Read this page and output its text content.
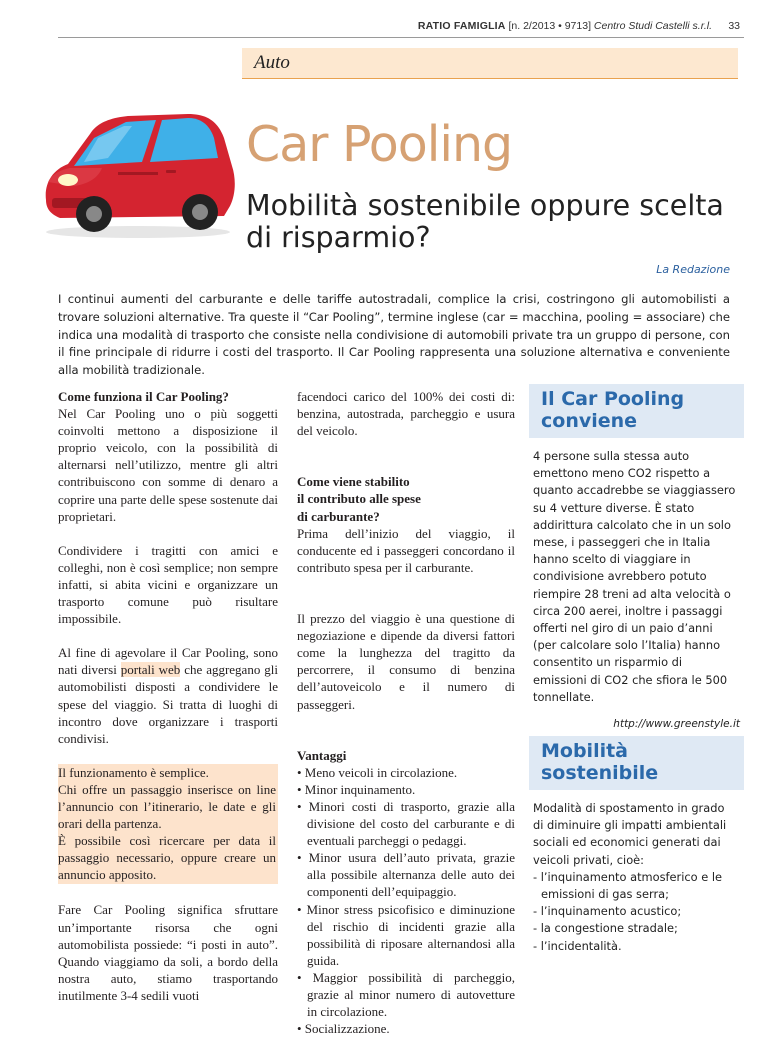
RATIO FAMIGLIA [n. 2/2013 • 9713] Centro Studi Castelli s.r.l. 33
Auto
Car Pooling
Mobilità sostenibile oppure scelta di risparmio?
La Redazione
I continui aumenti del carburante e delle tariffe autostradali, complice la crisi, costringono gli automobilisti a trovare soluzioni alternative. Tra queste il “Car Pooling”, termine inglese (car = macchina, pooling = associare) che indica una modalità di trasporto che consiste nella condivisione di automobili private tra un gruppo di persone, con il fine principale di ridurre i costi del trasporto. Il Car Pooling rappresenta una soluzione alternativa e conveniente alla mobilità tradizionale.
Come funziona il Car Pooling?

Nel Car Pooling uno o più soggetti coinvolti mettono a disposizione il proprio veicolo, con la possibilità di alternarsi nell’utilizzo, mentre gli altri contribuiscono con somme di denaro a coprire una parte delle spese sostenute dai proprietari.

Condividere i tragitti con amici e colleghi, non è così semplice; non sempre infatti, si abita vicini e organizzare un trasporto comune può risultare impossibile.

Al fine di agevolare il Car Pooling, sono nati diversi portali web che aggregano gli automobilisti disposti a condividere le spese del viaggio. Si tratta di luoghi di incontro dove organizzare i trasporti condivisi.

Il funzionamento è semplice.

Chi offre un passaggio inserisce on line l’annuncio con l’itinerario, le date e gli orari della partenza.

È possibile così ricercare per data il passaggio necessario, oppure creare un annuncio apposito.

Fare Car Pooling significa sfruttare un’importante risorsa che ogni automobilista possiede: “i posti in auto”. Quando viaggiamo da soli, a bordo della nostra auto, stiamo trasportando inutilmente 3-4 sedili vuoti

facendoci carico del 100% dei costi di: benzina, autostrada, parcheggio e usura del veicolo.

Come viene stabilito
il contributo alle spese
di carburante?

Prima dell’inizio del viaggio, il conducente ed i passeggeri concordano il contributo spesa per il carburante.

Il prezzo del viaggio è una questione di negoziazione e dipende da diversi fattori come la lunghezza del tragitto da percorrere, il consumo di benzina dell’autoveicolo e il numero di passeggeri.

Vantaggi
• Meno veicoli in circolazione.
• Minor inquinamento.
• Minori costi di trasporto, grazie alla divisione del costo del carburante e di eventuali parcheggi o pedaggi.
• Minor usura dell’auto privata, grazie alla possibile alternanza delle auto dei componenti dell’equipaggio.
• Minor stress psicofisico e diminuzione del rischio di incidenti grazie alla possibilità di riposare alternandosi alla guida.
• Maggior possibilità di parcheggio, grazie al minor numero di autovetture in circolazione.
• Socializzazione.
Il Car Pooling
conviene
4 persone sulla stessa auto emettono meno CO2 rispetto a quanto accadrebbe se viaggiassero su 4 vetture diverse. È stato addirittura calcolato che in un solo mese, i passeggeri che in Italia hanno scelto di viaggiare in condivisione avrebbero potuto riempire 28 treni ad alta velocità o circa 200 aerei, inoltre i passaggi offerti nel giro di un paio d’anni (per calcolare solo l’Italia) hanno consentito un risparmio di emissioni di CO2 che sfiora le 500 tonnellate.
http://www.greenstyle.it
Mobilità
sostenibile
Modalità di spostamento in grado di diminuire gli impatti ambientali sociali ed economici generati dai veicoli privati, cioè:
- l’inquinamento atmosferico e le emissioni di gas serra;
- l’inquinamento acustico;
- la congestione stradale;
- l’incidentalità.
